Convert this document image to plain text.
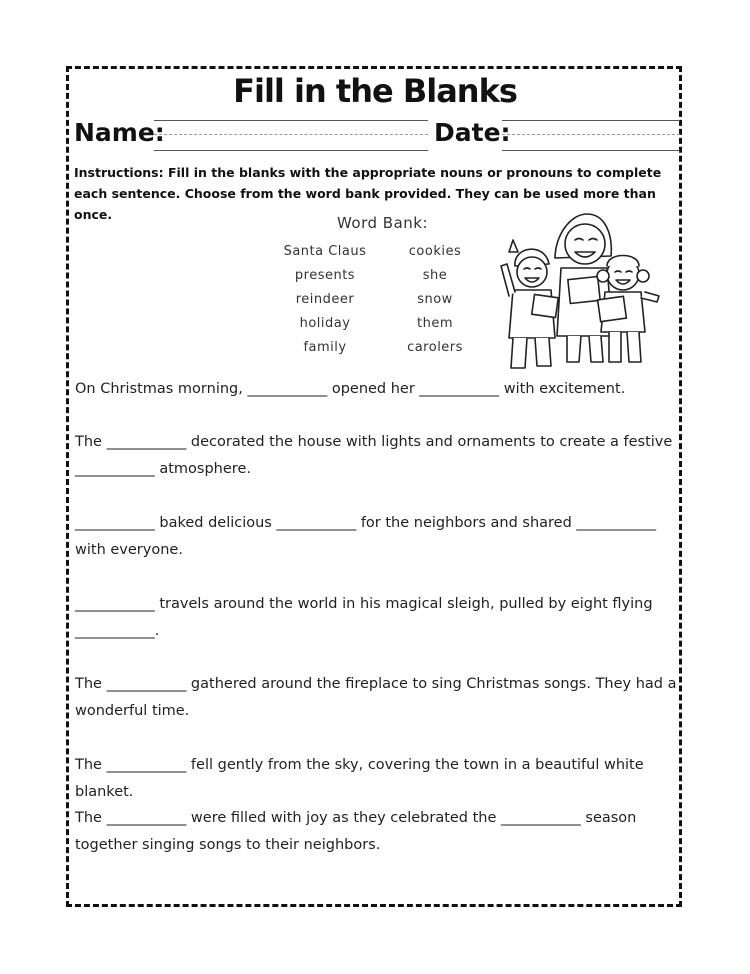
Fill in the Blanks
Name:	Date:
Instructions: Fill in the blanks with the appropriate nouns or pronouns to complete each sentence. Choose from the word bank provided. They can be used more than once.	Word Bank:
Santa Claus
presents
reindeer
holiday
family
cookies
she
snow
them
carolers
On Christmas morning, ___________ opened her ___________ with excitement.
The ___________ decorated the house with lights and ornaments to create a festive ___________ atmosphere.
___________ baked delicious ___________ for the neighbors and shared ___________ with everyone.
___________ travels around the world in his magical sleigh, pulled by eight flying ___________.
The ___________ gathered around the fireplace to sing Christmas songs. They had a wonderful time.
The ___________ fell gently from the sky, covering the town in a beautiful white blanket.
The ___________ were filled with joy as they celebrated the ___________ season together singing songs to their neighbors.
